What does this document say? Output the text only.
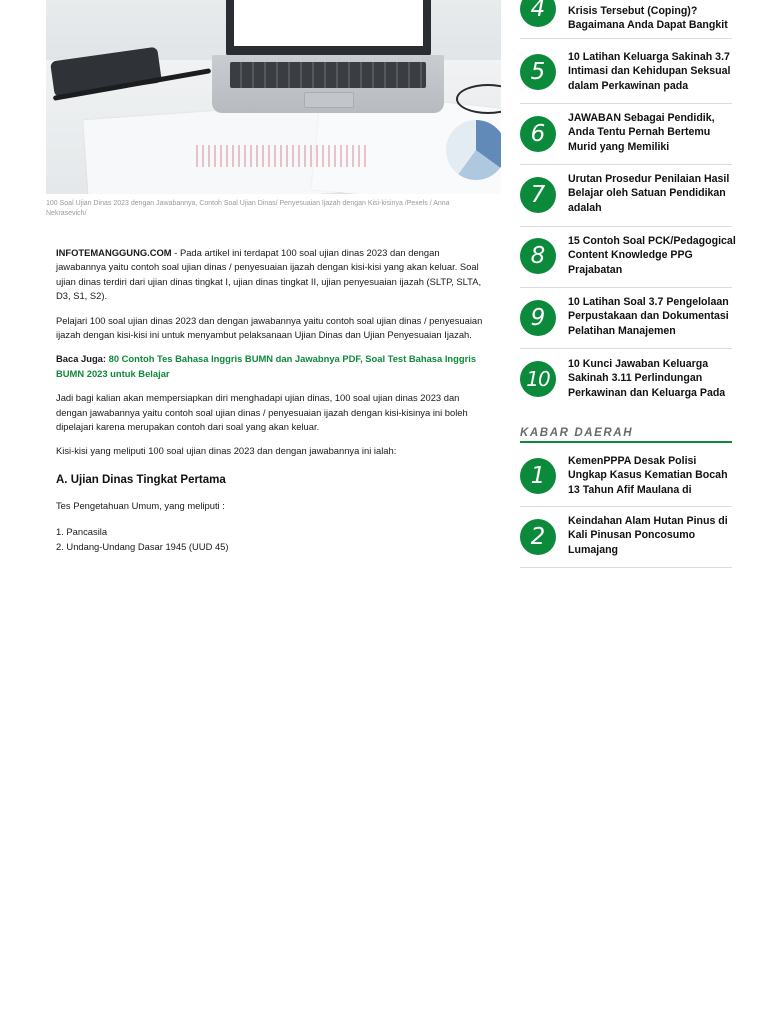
100 Soal Ujian Dinas 2023 dengan Jawabannya, Contoh Soal Ujian Dinas/ Penyesuaian Ijazah dengan Kisi-kisinya /Pexels / Anna Nekrasevich/

INFOTEMANGGUNG.COM - Pada artikel ini terdapat 100 soal ujian dinas 2023 dan dengan jawabannya yaitu contoh soal ujian dinas / penyesuaian ijazah dengan kisi-kisi yang akan keluar. Soal ujian dinas terdiri dari ujian dinas tingkat I, ujian dinas tingkat II, ujian penyesuaian ijazah (SLTP, SLTA, D3, S1, S2).

Pelajari 100 soal ujian dinas 2023 dan dengan jawabannya yaitu contoh soal ujian dinas / penyesuaian ijazah dengan kisi-kisi ini untuk menyambut pelaksanaan Ujian Dinas dan Ujian Penyesuaian Ijazah.

Baca Juga: 80 Contoh Tes Bahasa Inggris BUMN dan Jawabnya PDF, Soal Test Bahasa Inggris BUMN 2023 untuk Belajar

Jadi bagi kalian akan mempersiapkan diri menghadapi ujian dinas, 100 soal ujian dinas 2023 dan dengan jawabannya yaitu contoh soal ujian dinas / penyesuaian ijazah dengan kisi-kisinya ini boleh dipelajari karena merupakan contoh dari soal yang akan keluar.

Kisi-kisi yang meliputi 100 soal ujian dinas 2023 dan dengan jawabannya ini ialah:

A. Ujian Dinas Tingkat Pertama

Tes Pengetahuan Umum, yang meliputi :

1. Pancasila
2. Undang-Undang Dasar 1945 (UUD 45)
4	Krisis Tersebut (Coping)? Bagaimana Anda Dapat Bangkit
5
10 Latihan Keluarga Sakinah 3.7 Intimasi dan Kehidupan Seksual dalam Perkawinan pada
6
JAWABAN Sebagai Pendidik, Anda Tentu Pernah Bertemu Murid yang Memiliki
7
Urutan Prosedur Penilaian Hasil Belajar oleh Satuan Pendidikan adalah
8
15 Contoh Soal PCK/Pedagogical Content Knowledge PPG Prajabatan
9
10 Latihan Soal 3.7 Pengelolaan Perpustakaan dan Dokumentasi Pelatihan Manajemen
10
10 Kunci Jawaban Keluarga Sakinah 3.11 Perlindungan Perkawinan dan Keluarga Pada
KABAR DAERAH
1
KemenPPPA Desak Polisi Ungkap Kasus Kematian Bocah 13 Tahun Afif Maulana di
2
Keindahan Alam Hutan Pinus di Kali Pinusan Poncosumo Lumajang
